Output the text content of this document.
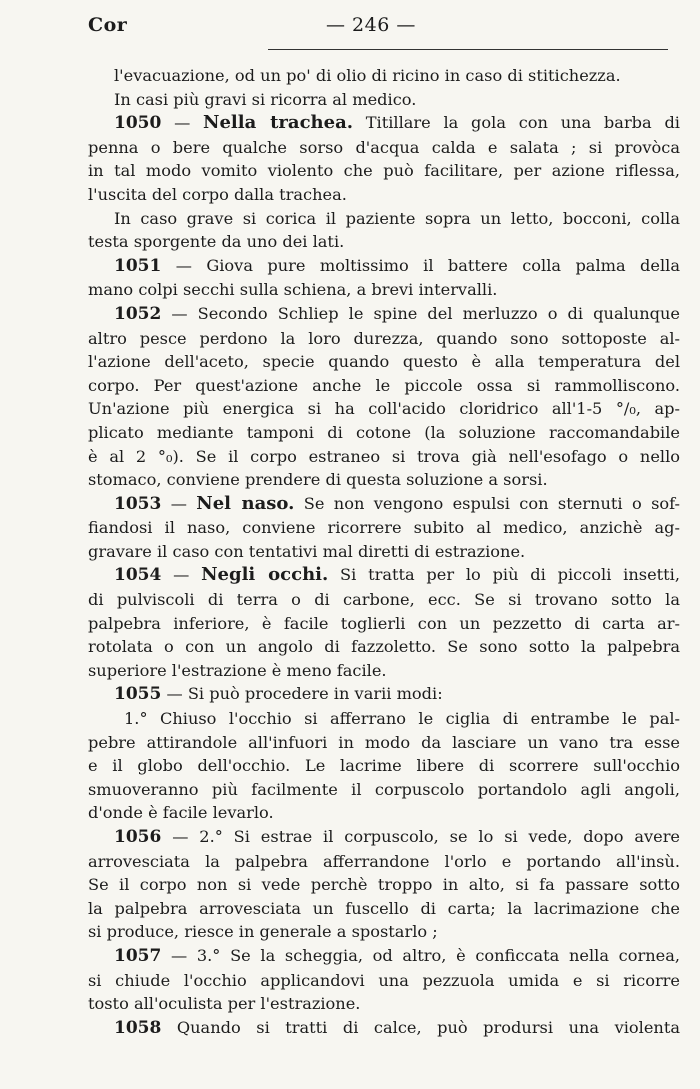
Cor	— 246 —
l'evacuazione, od un po' di olio di ricino in caso di stitichezza.
In casi più gravi si ricorra al medico.
1050 — Nella trachea. Titillare la gola con una barba di
penna o bere qualche sorso d'acqua calda e salata ; si provòca
in tal modo vomito violento che può facilitare, per azione riflessa,
l'uscita del corpo dalla trachea.
In caso grave si corica il paziente sopra un letto, bocconi, colla
testa sporgente da uno dei lati.
1051 — Giova pure moltissimo il battere colla palma della
mano colpi secchi sulla schiena, a brevi intervalli.
1052 — Secondo Schliep le spine del merluzzo o di qualunque
altro pesce perdono la loro durezza, quando sono sottoposte al-
l'azione dell'aceto, specie quando questo è alla temperatura del
corpo. Per quest'azione anche le piccole ossa si rammolliscono.
Un'azione più energica si ha coll'acido cloridrico all'1-5 °/₀, ap-
plicato mediante tamponi di cotone (la soluzione raccomandabile
è al 2 °₀). Se il corpo estraneo si trova già nell'esofago o nello
stomaco, conviene prendere di questa soluzione a sorsi.
1053 — Nel naso. Se non vengono espulsi con sternuti o sof-
fiandosi il naso, conviene ricorrere subito al medico, anzichè ag-
gravare il caso con tentativi mal diretti di estrazione.
1054 — Negli occhi. Si tratta per lo più di piccoli insetti,
di pulviscoli di terra o di carbone, ecc. Se si trovano sotto la
palpebra inferiore, è facile toglierli con un pezzetto di carta ar-
rotolata o con un angolo di fazzoletto. Se sono sotto la palpebra
superiore l'estrazione è meno facile.
1055 — Si può procedere in varii modi:
1.° Chiuso l'occhio si afferrano le ciglia di entrambe le pal-
pebre attirandole all'infuori in modo da lasciare un vano tra esse
e il globo dell'occhio. Le lacrime libere di scorrere sull'occhio
smuoveranno più facilmente il corpuscolo portandolo agli angoli,
d'onde è facile levarlo.
1056 — 2.° Si estrae il corpuscolo, se lo si vede, dopo avere
arrovesciata la palpebra afferrandone l'orlo e portando all'insù.
Se il corpo non si vede perchè troppo in alto, si fa passare sotto
la palpebra arrovesciata un fuscello di carta; la lacrimazione che
si produce, riesce in generale a spostarlo ;
1057 — 3.° Se la scheggia, od altro, è conficcata nella cornea,
si chiude l'occhio applicandovi una pezzuola umida e si ricorre
tosto all'oculista per l'estrazione.
1058 Quando si tratti di calce, può prodursi una violenta
